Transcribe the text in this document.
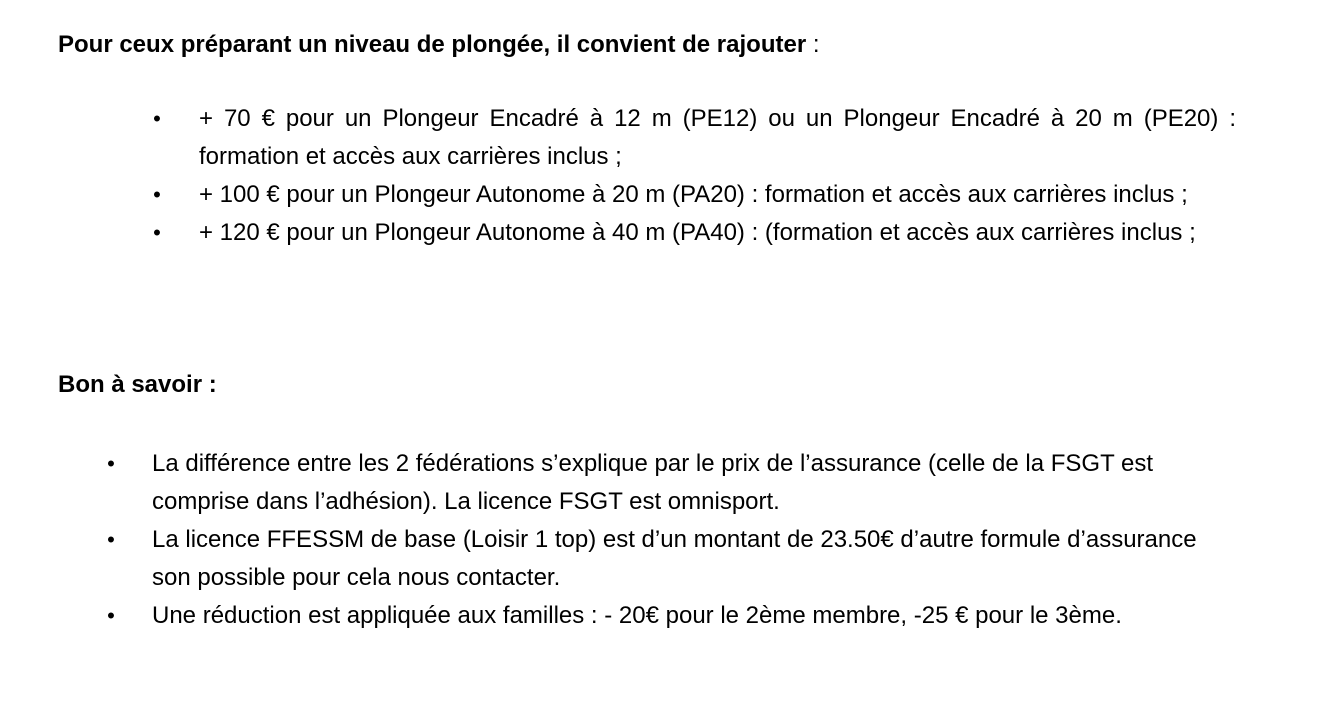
Pour ceux préparant un niveau de plongée, il convient de rajouter :

• + 70 € pour un Plongeur Encadré à 12 m (PE12) ou un Plongeur Encadré à 20 m (PE20) : formation et accès aux carrières inclus ;
• + 100 € pour un Plongeur Autonome à 20 m (PA20) : formation et accès aux carrières inclus ;
• + 120 € pour un Plongeur Autonome à 40 m (PA40) : (formation et accès aux carrières inclus ;

Bon à savoir :

• La différence entre les 2 fédérations s’explique par le prix de l’assurance (celle de la FSGT est comprise dans l’adhésion). La licence FSGT est omnisport.
• La licence FFESSM de base (Loisir 1 top) est d’un montant de 23.50€ d’autre formule d’assurance son possible pour cela nous contacter.
• Une réduction est appliquée aux familles : - 20€ pour le 2ème membre, -25 € pour le 3ème.
